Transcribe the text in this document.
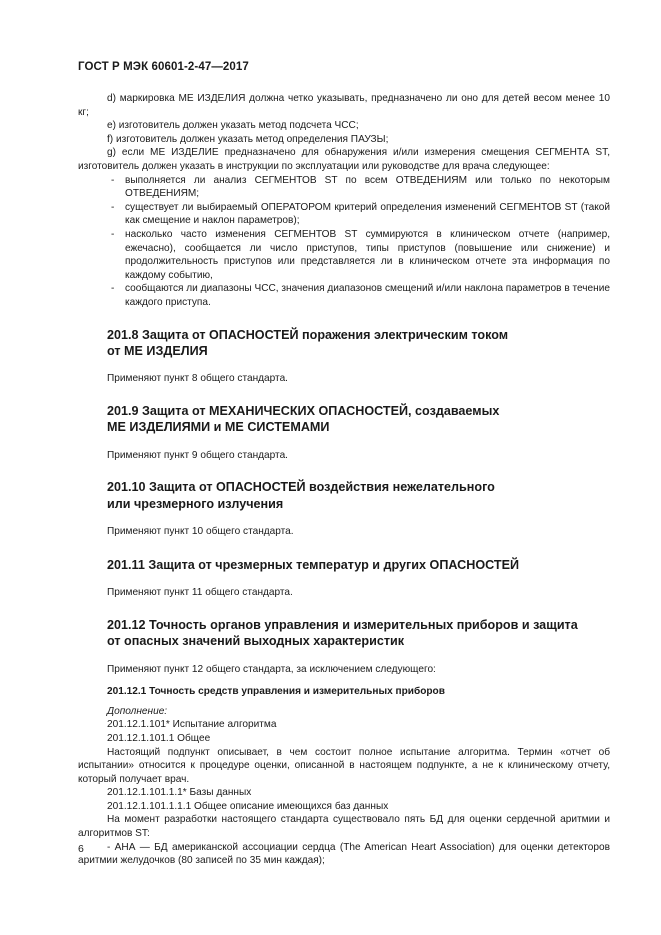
ГОСТ Р МЭК 60601-2-47—2017

d) маркировка МЕ ИЗДЕЛИЯ должна четко указывать, предназначено ли оно для детей весом менее 10 кг;

е) изготовитель должен указать метод подсчета ЧСС;

f) изготовитель должен указать метод определения ПАУЗЫ;

g) если МЕ ИЗДЕЛИЕ предназначено для обнаружения и/или измерения смещения СЕГМЕНТА ST, изготовитель должен указать в инструкции по эксплуатации или руководстве для врача следующее:

- выполняется ли анализ СЕГМЕНТОВ ST по всем ОТВЕДЕНИЯМ или только по некоторым ОТВЕДЕНИЯМ;

- существует ли выбираемый ОПЕРАТОРОМ критерий определения изменений СЕГМЕНТОВ ST (такой как смещение и наклон параметров);

- насколько часто изменения СЕГМЕНТОВ ST суммируются в клиническом отчете (например, ежечасно), сообщается ли число приступов, типы приступов (повышение или снижение) и продолжительность приступов или представляется ли в клиническом отчете эта информация по каждому событию,

- сообщаются ли диапазоны ЧСС, значения диапазонов смещений и/или наклона параметров в течение каждого приступа.

201.8 Защита от ОПАСНОСТЕЙ поражения электрическим током
от МЕ ИЗДЕЛИЯ

Применяют пункт 8 общего стандарта.

201.9 Защита от МЕХАНИЧЕСКИХ ОПАСНОСТЕЙ, создаваемых
МЕ ИЗДЕЛИЯМИ и МЕ СИСТЕМАМИ

Применяют пункт 9 общего стандарта.

201.10 Защита от ОПАСНОСТЕЙ воздействия нежелательного
или чрезмерного излучения

Применяют пункт 10 общего стандарта.

201.11 Защита от чрезмерных температур и других ОПАСНОСТЕЙ

Применяют пункт 11 общего стандарта.

201.12 Точность органов управления и измерительных приборов и защита
от опасных значений выходных характеристик

Применяют пункт 12 общего стандарта, за исключением следующего:

201.12.1 Точность средств управления и измерительных приборов

Дополнение:

201.12.1.101* Испытание алгоритма

201.12.1.101.1 Общее

Настоящий подпункт описывает, в чем состоит полное испытание алгоритма. Термин «отчет об испытании» относится к процедуре оценки, описанной в настоящем подпункте, а не к клиническому отчету, который получает врач.

201.12.1.101.1.1* Базы данных

201.12.1.101.1.1.1 Общее описание имеющихся баз данных

На момент разработки настоящего стандарта существовало пять БД для оценки сердечной аритмии и алгоритмов ST:

- АНА — БД американской ассоциации сердца (The American Heart Association) для оценки детекторов аритмии желудочков (80 записей по 35 мин каждая);

6
